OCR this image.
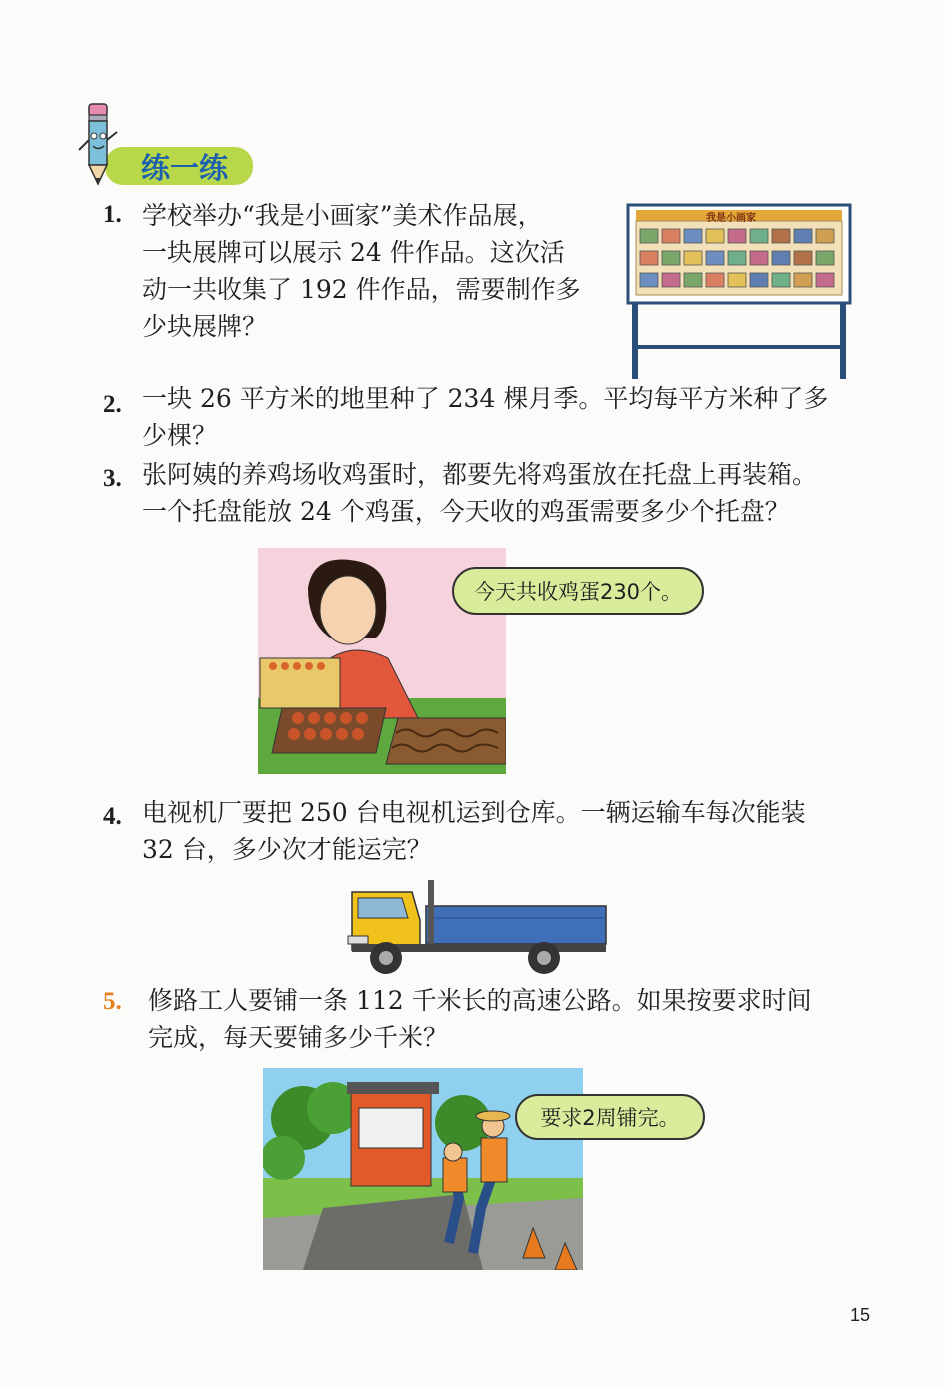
练一练
1. 学校举办“我是小画家”美术作品展，
一块展牌可以展示 24 件作品。这次活
动一共收集了 192 件作品，需要制作多
少块展牌？
我是小画家
2. 一块 26 平方米的地里种了 234 棵月季。平均每平方米种了多
少棵？
3. 张阿姨的养鸡场收鸡蛋时，都要先将鸡蛋放在托盘上再装箱。
一个托盘能放 24 个鸡蛋，今天收的鸡蛋需要多少个托盘？
今天共收鸡蛋230个。
4. 电视机厂要把 250 台电视机运到仓库。一辆运输车每次能装
32 台，多少次才能运完？
5. 修路工人要铺一条 112 千米长的高速公路。如果按要求时间
完成，每天要铺多少千米？
要求2周铺完。
15
